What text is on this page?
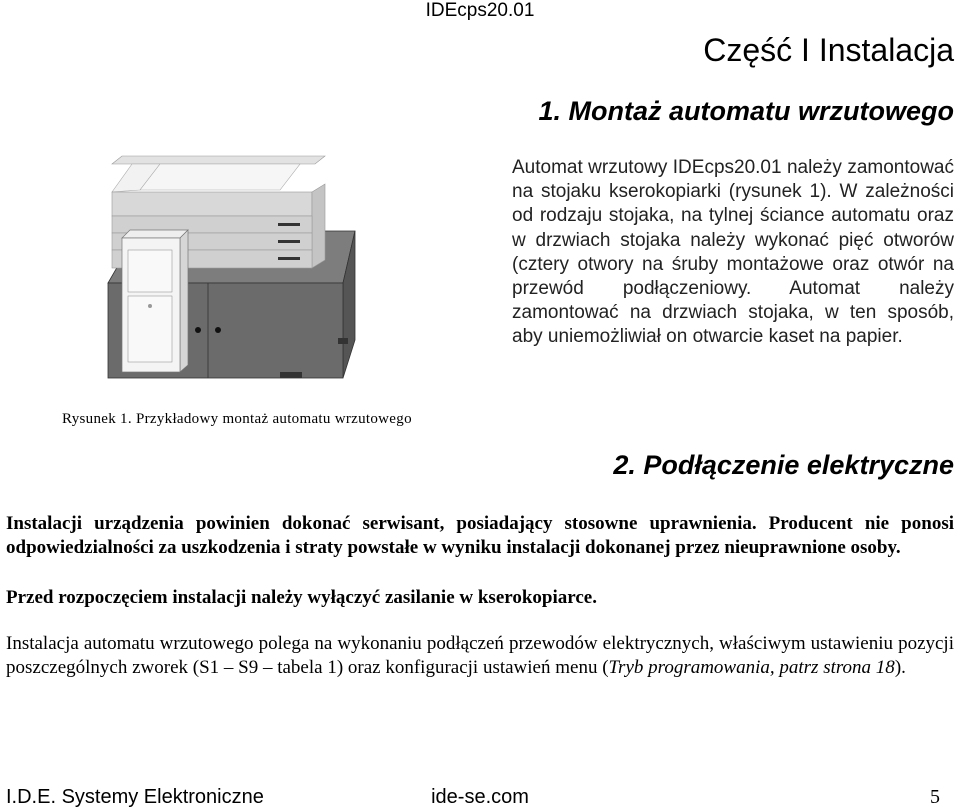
IDEcps20.01
Część I Instalacja
1. Montaż automatu wrzutowego
Rysunek 1. Przykładowy montaż automatu wrzutowego
Automat wrzutowy IDEcps20.01 należy zamontować na stojaku kserokopiarki (rysunek 1). W zależności od rodzaju stojaka, na tylnej ściance automatu oraz w drzwiach stojaka należy wykonać pięć otworów (cztery otwory na śruby montażowe oraz otwór na przewód podłączeniowy. Automat należy zamontować na drzwiach stojaka, w ten sposób, aby uniemożliwiał on otwarcie kaset na papier.
2. Podłączenie elektryczne
Instalacji urządzenia powinien dokonać serwisant, posiadający stosowne uprawnienia. Producent nie ponosi odpowiedzialności za uszkodzenia i straty powstałe w wyniku instalacji dokonanej przez nieuprawnione osoby.
Przed rozpoczęciem instalacji należy wyłączyć zasilanie w kserokopiarce.
Instalacja automatu wrzutowego polega na wykonaniu podłączeń przewodów elektrycznych, właściwym ustawieniu pozycji poszczególnych zworek (S1 – S9 – tabela 1) oraz konfiguracji ustawień menu (Tryb programowania, patrz strona 18).
I.D.E. Systemy Elektroniczne	ide-se.com	5
